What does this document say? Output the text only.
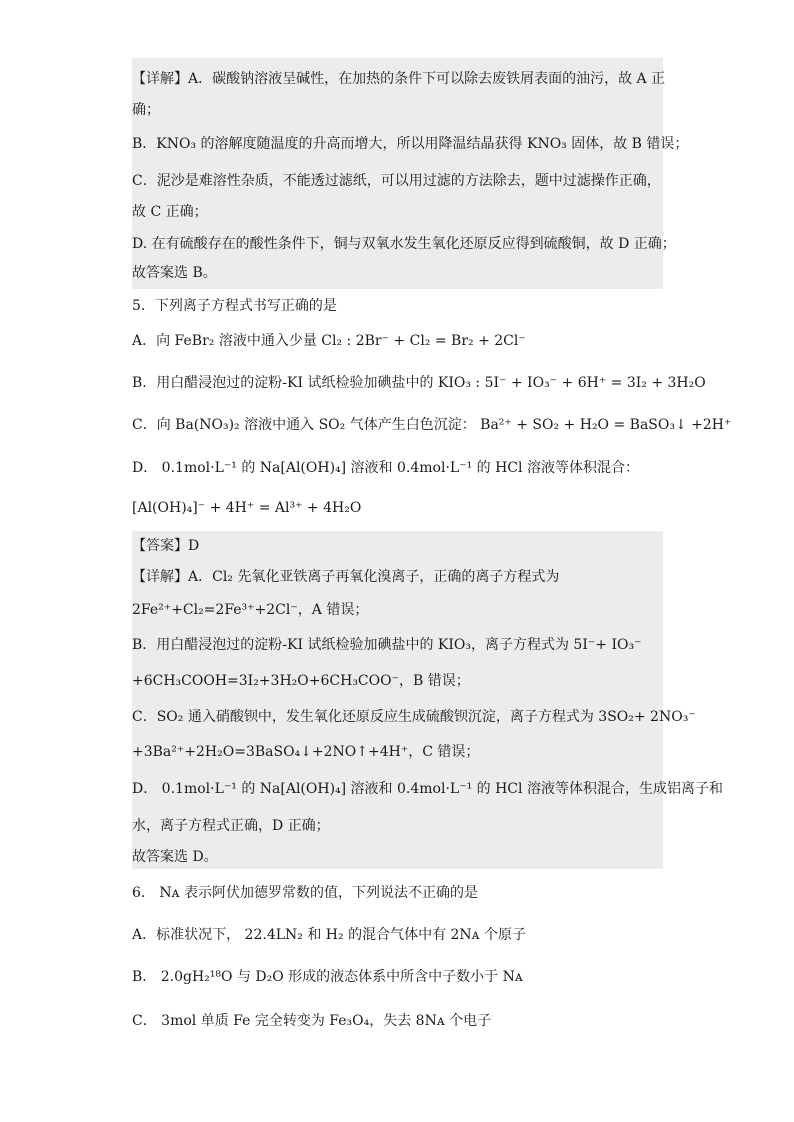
【详解】A．碳酸钠溶液呈碱性，在加热的条件下可以除去废铁屑表面的油污，故 A 正
确；
B．KNO₃ 的溶解度随温度的升高而增大，所以用降温结晶获得 KNO₃ 固体，故 B 错误；
C．泥沙是难溶性杂质，不能透过滤纸，可以用过滤的方法除去，题中过滤操作正确，
故 C 正确；
D. 在有硫酸存在的酸性条件下，铜与双氧水发生氧化还原反应得到硫酸铜，故 D 正确；
故答案选 B。
5．下列离子方程式书写正确的是
A．向 FeBr₂ 溶液中通入少量 Cl₂ : 2Br⁻ + Cl₂ = Br₂ + 2Cl⁻
B．用白醋浸泡过的淀粉-KI 试纸检验加碘盐中的 KIO₃ : 5I⁻ + IO₃⁻ + 6H⁺ = 3I₂ + 3H₂O
C．向 Ba(NO₃)₂ 溶液中通入 SO₂ 气体产生白色沉淀： Ba²⁺ + SO₂ + H₂O = BaSO₃↓ +2H⁺
D． 0.1mol·L⁻¹ 的 Na[Al(OH)₄] 溶液和 0.4mol·L⁻¹ 的 HCl 溶液等体积混合：
[Al(OH)₄]⁻ + 4H⁺ = Al³⁺ + 4H₂O
【答案】D
【详解】A．Cl₂ 先氧化亚铁离子再氧化溴离子，正确的离子方程式为
2Fe²⁺+Cl₂=2Fe³⁺+2Cl⁻，A 错误；
B．用白醋浸泡过的淀粉-KI 试纸检验加碘盐中的 KIO₃，离子方程式为 5I⁻+ IO₃⁻
+6CH₃COOH=3I₂+3H₂O+6CH₃COO⁻，B 错误；
C．SO₂ 通入硝酸钡中，发生氧化还原反应生成硫酸钡沉淀，离子方程式为 3SO₂+ 2NO₃⁻
+3Ba²⁺+2H₂O=3BaSO₄↓+2NO↑+4H⁺，C 错误；
D． 0.1mol·L⁻¹ 的 Na[Al(OH)₄] 溶液和 0.4mol·L⁻¹ 的 HCl 溶液等体积混合，生成铝离子和
水，离子方程式正确，D 正确；
故答案选 D。
6． Nᴀ 表示阿伏加德罗常数的值，下列说法不正确的是
A．标准状况下， 22.4LN₂ 和 H₂ 的混合气体中有 2Nᴀ 个原子
B． 2.0gH₂¹⁸O 与 D₂O 形成的液态体系中所含中子数小于 Nᴀ
C． 3mol 单质 Fe 完全转变为 Fe₃O₄，失去 8Nᴀ 个电子
